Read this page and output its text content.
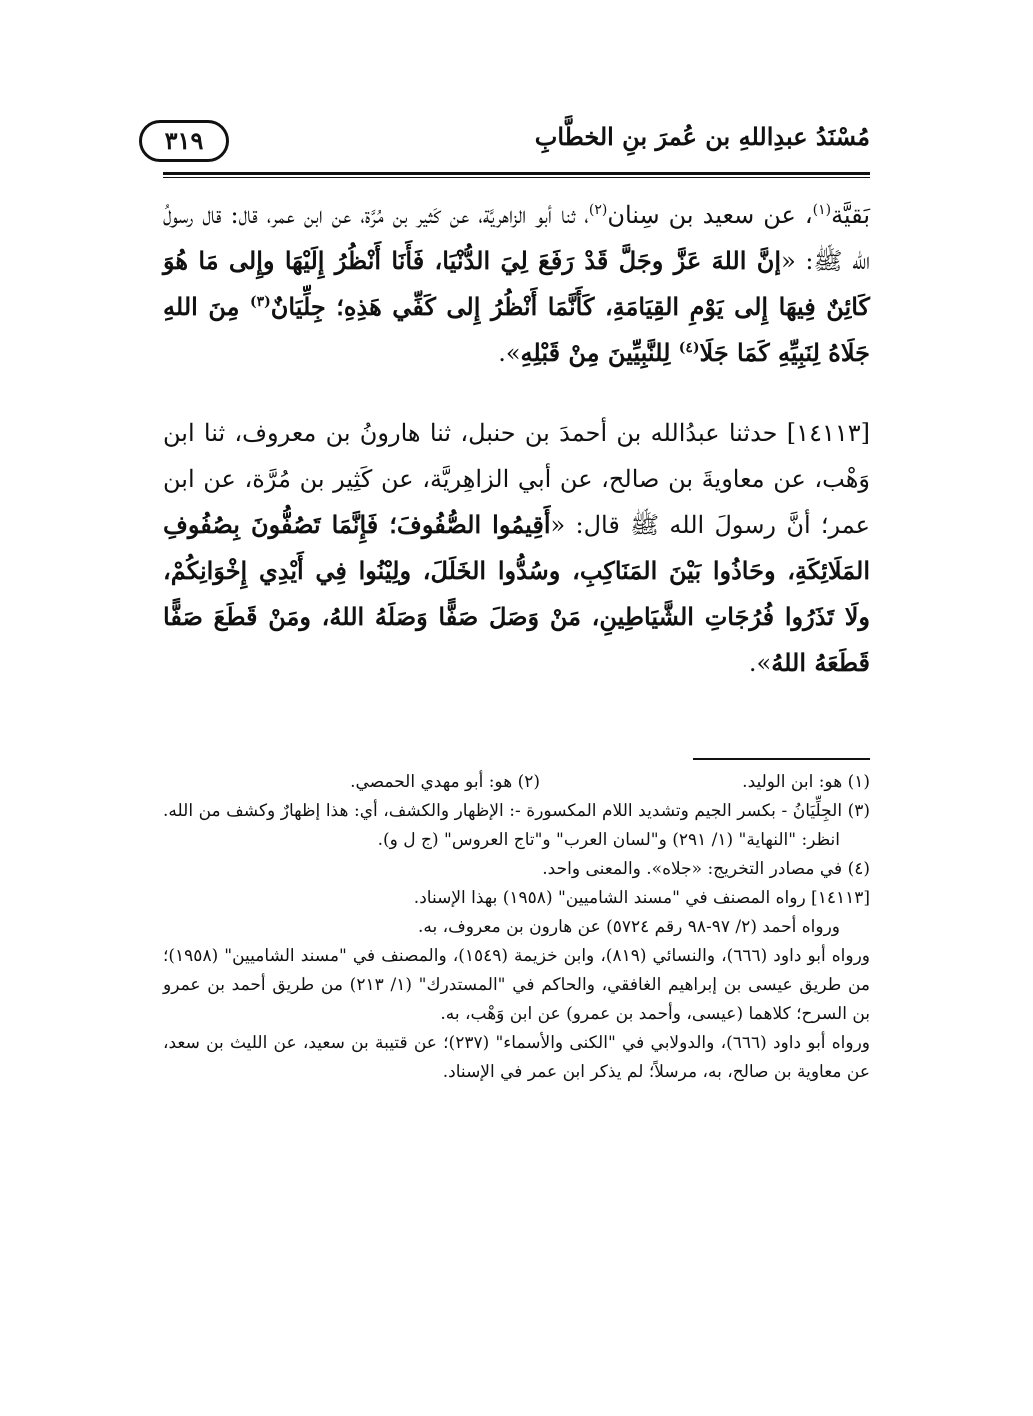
مُسْنَدُ عبدِاللهِ بن عُمرَ بنِ الخطَّابِ
٣١٩

بَقيَّة$^{(١)}$، عن سعيد بن سِنان$^{(٢)}$، ثنا أبو الزاهريَّة، عن كَثير بن مُرَّة، عن ابن عمر، قال: قال رسولُ الله ﷺ: «إنَّ اللهَ عَزَّ وجَلَّ قَدْ رَفَعَ لِيَ الدُّنْيَا، فَأَنَا أَنْظُرُ إِلَيْهَا وإِلى مَا هُوَ كَائِنٌ فِيهَا إِلى يَوْمِ القِيَامَةِ، كَأَنَّمَا أَنْظُرُ إِلى كَفِّي هَذِهِ؛ جِلِّيَانٌ$^{(٣)}$ مِنَ اللهِ جَلَاهُ لِنَبِيِّهِ كَمَا جَلَا$^{(٤)}$ لِلنَّبِيِّينَ مِنْ قَبْلِهِ».

[١٤١١٣] حدثنا عبدُالله بن أحمدَ بن حنبل، ثنا هارونُ بن معروف، ثنا ابن وَهْب، عن معاويةَ بن صالح، عن أبي الزاهِريَّة، عن كَثِير بن مُرَّة، عن ابن عمر؛ أنَّ رسولَ الله ﷺ قال: «أَقِيمُوا الصُّفُوفَ؛ فَإِنَّمَا تَصُفُّونَ بِصُفُوفِ المَلَائِكَةِ، وحَاذُوا بَيْنَ المَنَاكِبِ، وسُدُّوا الخَلَلَ، ولِيْنُوا فِي أَيْدِي إِخْوَانِكُمْ، ولَا تَذَرُوا فُرُجَاتِ الشَّيَاطِينِ، مَنْ وَصَلَ صَفًّا وَصَلَهُ اللهُ، ومَنْ قَطَعَ صَفًّا قَطَعَهُ اللهُ».

(١) هو: ابن الوليد.
(٢) هو: أبو مهدي الحمصي.

(٣) الجِلِّيَانُ - بكسر الجيم وتشديد اللام المكسورة -: الإظهار والكشف، أي: هذا إظهارٌ وكشف من الله. انظر: "النهاية" (١/ ٢٩١) و"لسان العرب" و"تاج العروس" (ج ل و).

(٤) في مصادر التخريج: «جلاه». والمعنى واحد.

[١٤١١٣] رواه المصنف في "مسند الشاميين" (١٩٥٨) بهذا الإسناد.

ورواه أحمد (٢/ ٩٧-٩٨ رقم ٥٧٢٤) عن هارون بن معروف، به.

ورواه أبو داود (٦٦٦)، والنسائي (٨١٩)، وابن خزيمة (١٥٤٩)، والمصنف في "مسند الشاميين" (١٩٥٨)؛ من طريق عيسى بن إبراهيم الغافقي، والحاكم في "المستدرك" (١/ ٢١٣) من طريق أحمد بن عمرو بن السرح؛ كلاهما (عيسى، وأحمد بن عمرو) عن ابن وَهْب، به.

ورواه أبو داود (٦٦٦)، والدولابي في "الكنى والأسماء" (٢٣٧)؛ عن قتيبة بن سعيد، عن الليث بن سعد، عن معاوية بن صالح، به، مرسلاً؛ لم يذكر ابن عمر في الإسناد.
